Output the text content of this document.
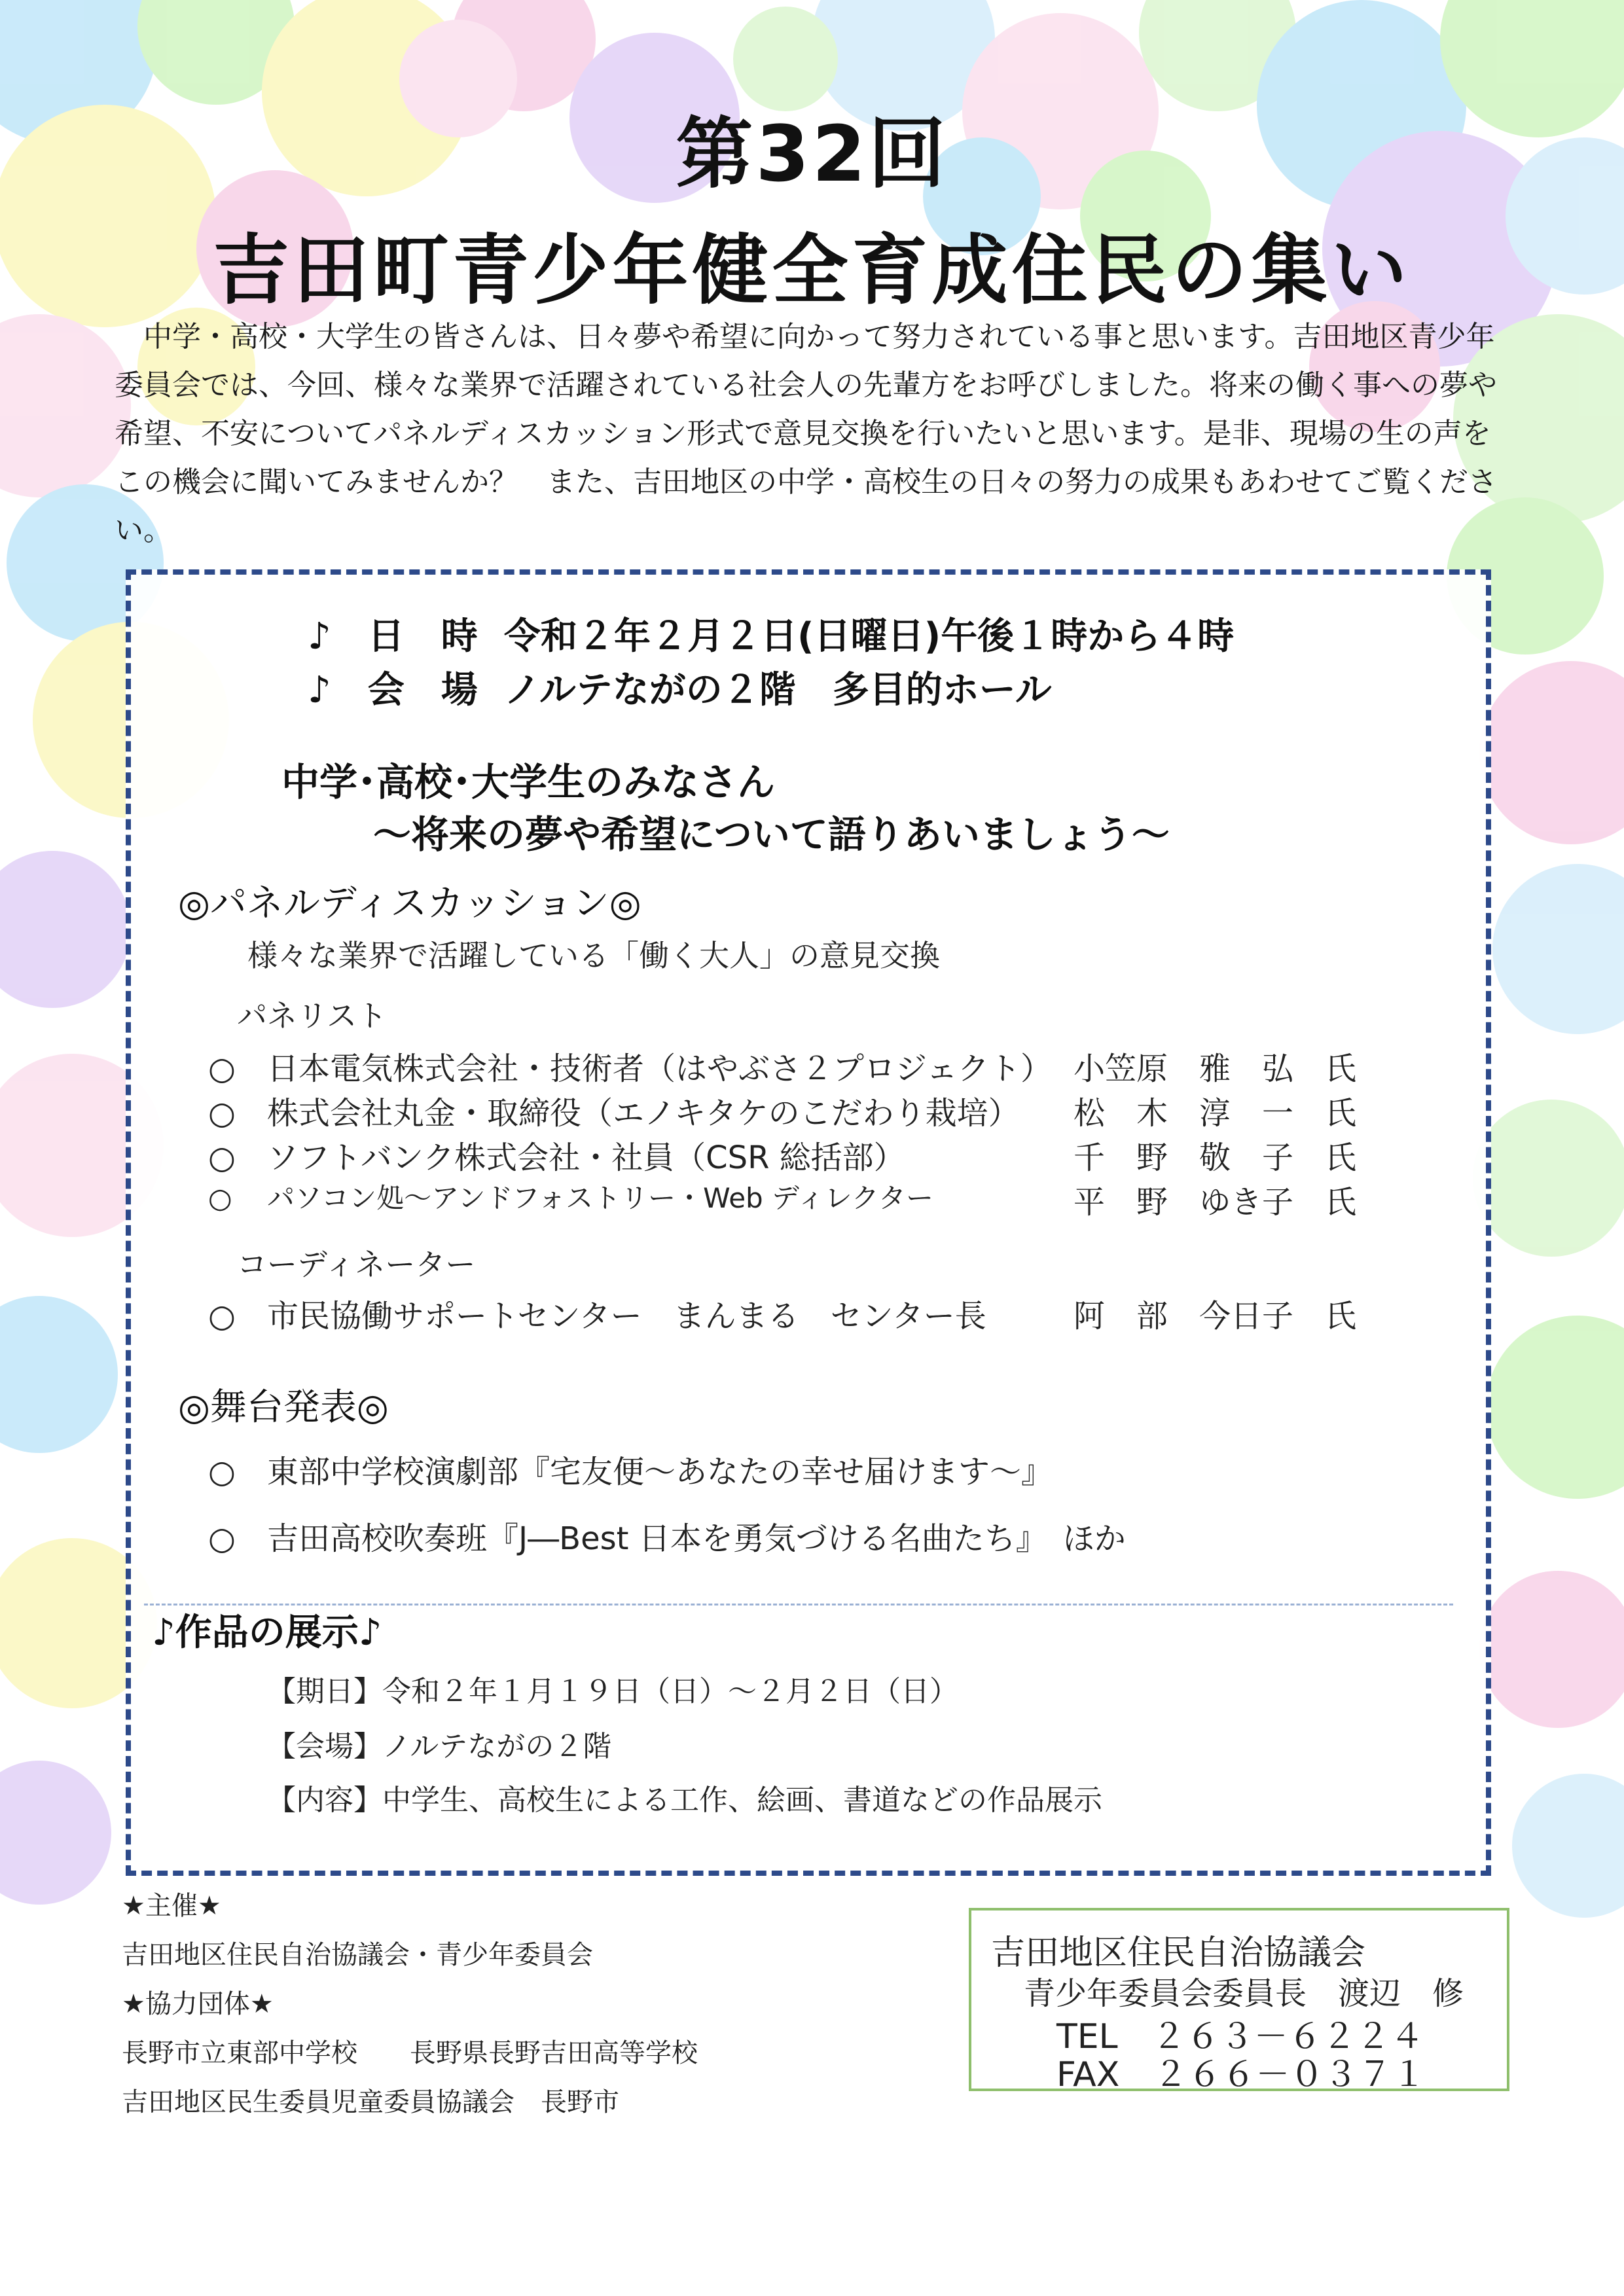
第32回
吉田町青少年健全育成住民の集い
中学・高校・大学生の皆さんは、日々夢や希望に向かって努力されている事と思います。吉田地区青少年委員会では、今回、様々な業界で活躍されている社会人の先輩方をお呼びしました。将来の働く事への夢や希望、不安についてパネルディスカッション形式で意見交換を行いたいと思います。是非、現場の生の声をこの機会に聞いてみませんか？　また、吉田地区の中学・高校生の日々の努力の成果もあわせてご覧ください。
♪　日　時 令和２年２月２日(日曜日)午後１時から４時
♪　会　場 ノルテながの２階　多目的ホール
中学･高校･大学生のみなさん
～将来の夢や希望について語りあいましょう～
◎パネルディスカッション◎
様々な業界で活躍している「働く大人」の意見交換
パネリスト
○ 日本電気株式会社・技術者（はやぶさ２プロジェクト） 小笠原　雅　弘　氏
○ 株式会社丸金・取締役（エノキタケのこだわり栽培） 松　木　淳　一　氏
○ ソフトバンク株式会社・社員（CSR 総括部）	千　野　敬　子　氏
○ パソコン処～アンドフォストリー・Web ディレクター	平　野　ゆき子　氏
コーディネーター
○ 市民協働サポートセンター　まんまる　センター長	阿　部　今日子　氏
◎舞台発表◎
○ 東部中学校演劇部『宅友便～あなたの幸せ届けます～』
○ 吉田高校吹奏班『J―Best 日本を勇気づける名曲たち』　ほか
♪作品の展示♪
【期日】令和２年１月１９日（日）～２月２日（日）
【会場】ノルテながの２階
【内容】中学生、高校生による工作、絵画、書道などの作品展示
★主催★
吉田地区住民自治協議会・青少年委員会
★協力団体★
長野市立東部中学校　　長野県長野吉田高等学校
吉田地区民生委員児童委員協議会　長野市
吉田地区住民自治協議会
青少年委員会委員長　渡辺　修
TEL　２６３－６２２４
FAX　２６６－０３７１
